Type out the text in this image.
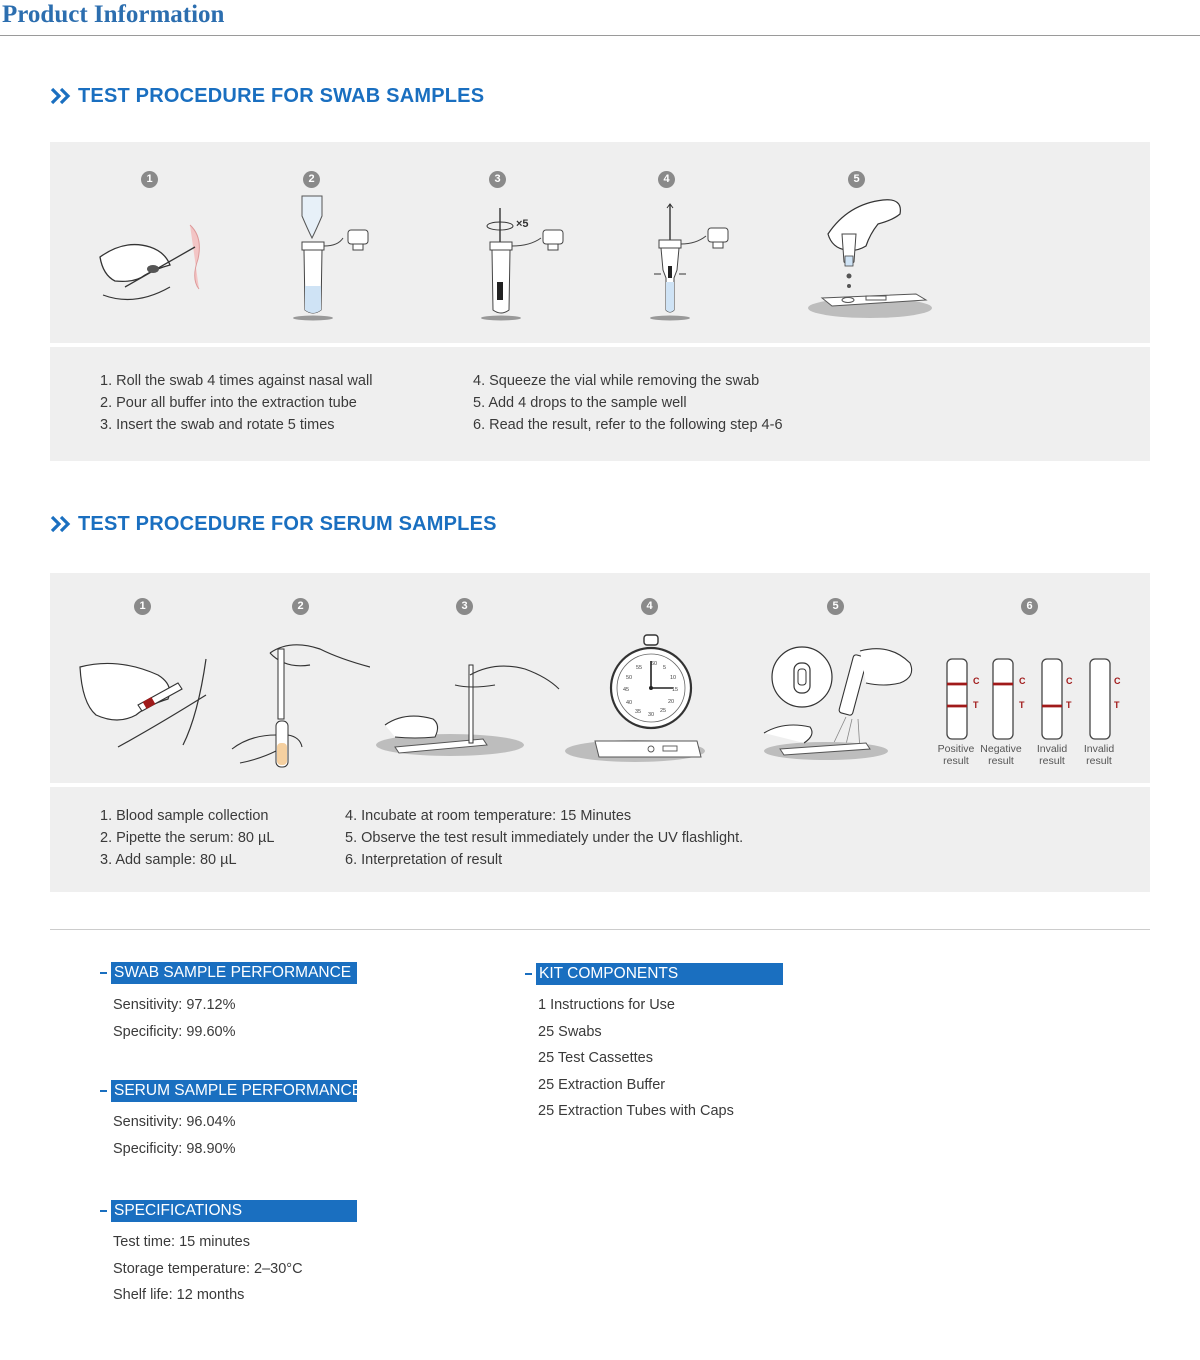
Product Information
TEST PROCEDURE FOR SWAB SAMPLES
1	2	3	4	5
×5
1. Roll the swab 4 times against nasal wall
2. Pour all buffer into the extraction tube
3. Insert the swab and rotate 5 times
4. Squeeze the vial while removing the swab
5. Add 4 drops to the sample well
6. Read the result, refer to the following step 4-6
TEST PROCEDURE FOR SERUM SAMPLES
1	2	3	4	5	6
60
5
10
15
20
25
30
35
40
45
50
55
C
T
C
T
C
T
C
T
Positive
result
Negative
result
Invalid
result
Invalid
result
1. Blood sample collection
2. Pipette the serum: 80 µL
3. Add sample: 80 µL
4. Incubate at room temperature: 15 Minutes
5. Observe the test result immediately under the UV flashlight.
6. Interpretation of result
SWAB SAMPLE PERFORMANCE
Sensitivity: 97.12%
Specificity: 99.60%
SERUM SAMPLE PERFORMANCE
Sensitivity: 96.04%
Specificity: 98.90%
SPECIFICATIONS
Test time: 15 minutes
Storage temperature: 2–30°C
Shelf life: 12 months
KIT COMPONENTS
1 Instructions for Use
25 Swabs
25 Test Cassettes
25 Extraction Buffer
25 Extraction Tubes with Caps
